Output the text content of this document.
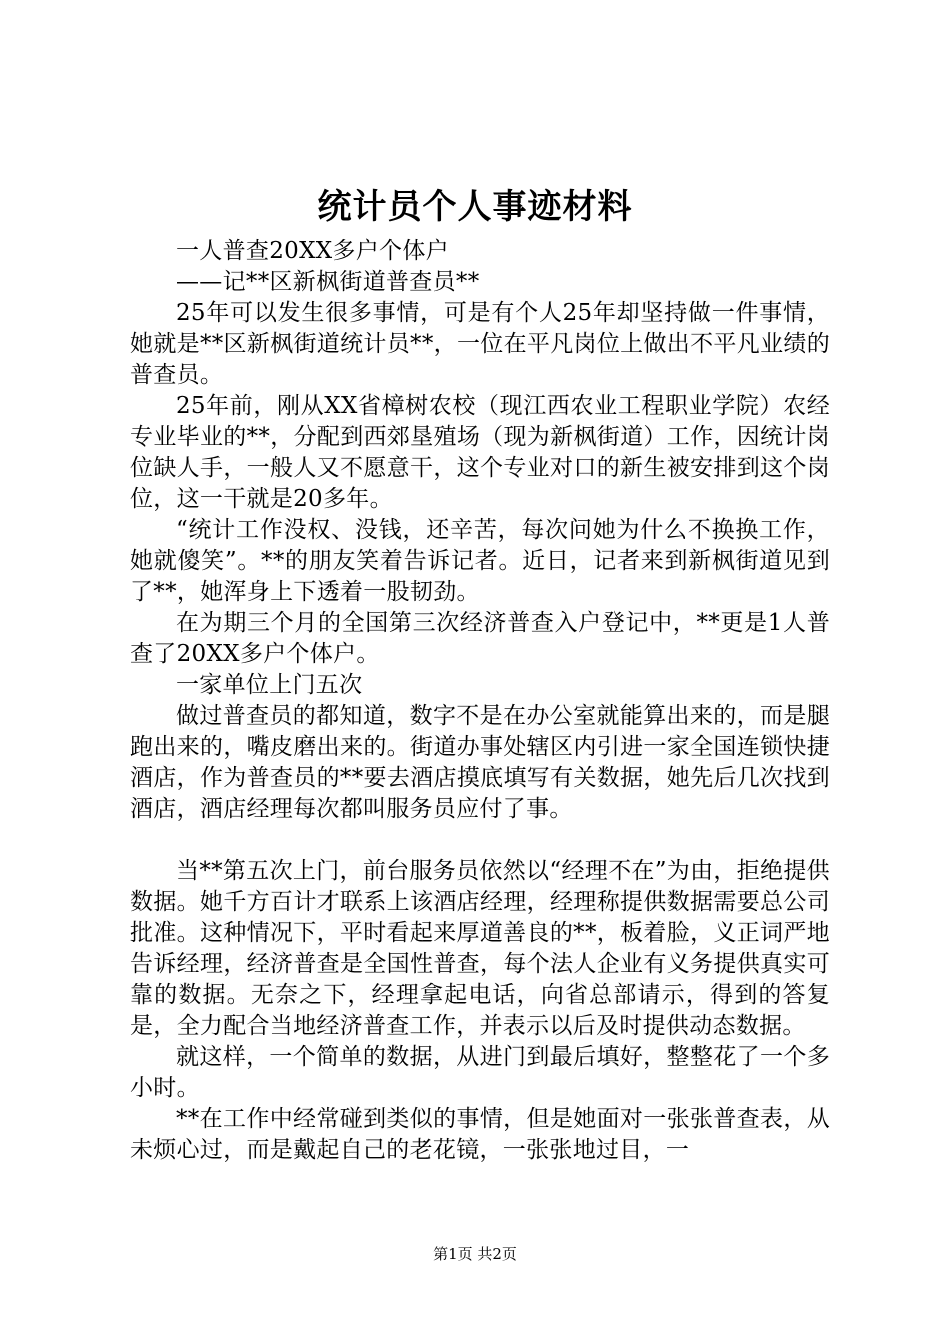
统计员个人事迹材料

一人普查20XX多户个体户

——记**区新枫街道普查员**

25年可以发生很多事情，可是有个人25年却坚持做一件事情，她就是**区新枫街道统计员**，一位在平凡岗位上做出不平凡业绩的普查员。

25年前，刚从XX省樟树农校（现江西农业工程职业学院）农经专业毕业的**，分配到西郊垦殖场（现为新枫街道）工作，因统计岗位缺人手，一般人又不愿意干，这个专业对口的新生被安排到这个岗位，这一干就是20多年。

“统计工作没权、没钱，还辛苦，每次问她为什么不换换工作，她就傻笑”。**的朋友笑着告诉记者。近日，记者来到新枫街道见到了**，她浑身上下透着一股韧劲。

在为期三个月的全国第三次经济普查入户登记中，**更是1人普查了20XX多户个体户。

一家单位上门五次

做过普查员的都知道，数字不是在办公室就能算出来的，而是腿跑出来的，嘴皮磨出来的。街道办事处辖区内引进一家全国连锁快捷酒店，作为普查员的**要去酒店摸底填写有关数据，她先后几次找到酒店，酒店经理每次都叫服务员应付了事。

当**第五次上门，前台服务员依然以“经理不在”为由，拒绝提供数据。她千方百计才联系上该酒店经理，经理称提供数据需要总公司批准。这种情况下，平时看起来厚道善良的**，板着脸，义正词严地告诉经理，经济普查是全国性普查，每个法人企业有义务提供真实可靠的数据。无奈之下，经理拿起电话，向省总部请示，得到的答复是，全力配合当地经济普查工作，并表示以后及时提供动态数据。

就这样，一个简单的数据，从进门到最后填好，整整花了一个多小时。

**在工作中经常碰到类似的事情，但是她面对一张张普查表，从未烦心过，而是戴起自己的老花镜，一张张地过目，一

第1页 共2页
